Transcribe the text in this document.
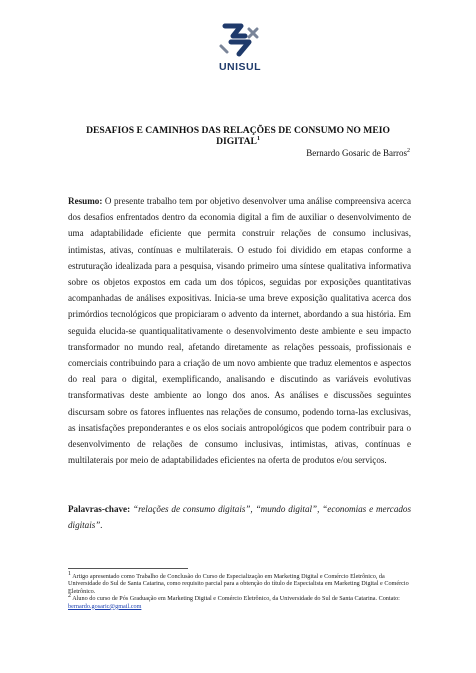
UNISUL
DESAFIOS E CAMINHOS DAS RELAÇÕES DE CONSUMO NO MEIO
DIGITAL$^1$
Bernardo Gosaric de Barros$^2$
Resumo: O presente trabalho tem por objetivo desenvolver uma análise compreensiva acerca dos desafios enfrentados dentro da economia digital a fim de auxiliar o desenvolvimento de uma adaptabilidade eficiente que permita construir relações de consumo inclusivas, intimistas, ativas, contínuas e multilaterais. O estudo foi dividido em etapas conforme a estruturação idealizada para a pesquisa, visando primeiro uma síntese qualitativa informativa sobre os objetos expostos em cada um dos tópicos, seguidas por exposições quantitativas acompanhadas de análises expositivas. Inicia-se uma breve exposição qualitativa acerca dos primórdios tecnológicos que propiciaram o advento da internet, abordando a sua história. Em seguida elucida-se quantiqualitativamente o desenvolvimento deste ambiente e seu impacto transformador no mundo real, afetando diretamente as relações pessoais, profissionais e comerciais contribuindo para a criação de um novo ambiente que traduz elementos e aspectos do real para o digital, exemplificando, analisando e discutindo as variáveis evolutivas transformativas deste ambiente ao longo dos anos. As análises e discussões seguintes discursam sobre os fatores influentes nas relações de consumo, podendo torna-las exclusivas, as insatisfações preponderantes e os elos sociais antropológicos que podem contribuir para o desenvolvimento de relações de consumo inclusivas, intimistas, ativas, contínuas e multilaterais por meio de adaptabilidades eficientes na oferta de produtos e/ou serviços.
Palavras-chave: “relações de consumo digitais”, “mundo digital”, “economias e mercados digitais”.
$^1$ Artigo apresentado como Trabalho de Conclusão do Curso de Especialização em Marketing Digital e Comércio Eletrônico, da Universidade do Sul de Santa Catarina, como requisito parcial para a obtenção do título de Especialista em Marketing Digital e Comércio Eletrônico.
$^2$ Aluno do curso de Pós Graduação em Marketing Digital e Comércio Eletrônico, da Universidade do Sul de Santa Catarina. Contato: bernardo.gosaric@gmail.com
